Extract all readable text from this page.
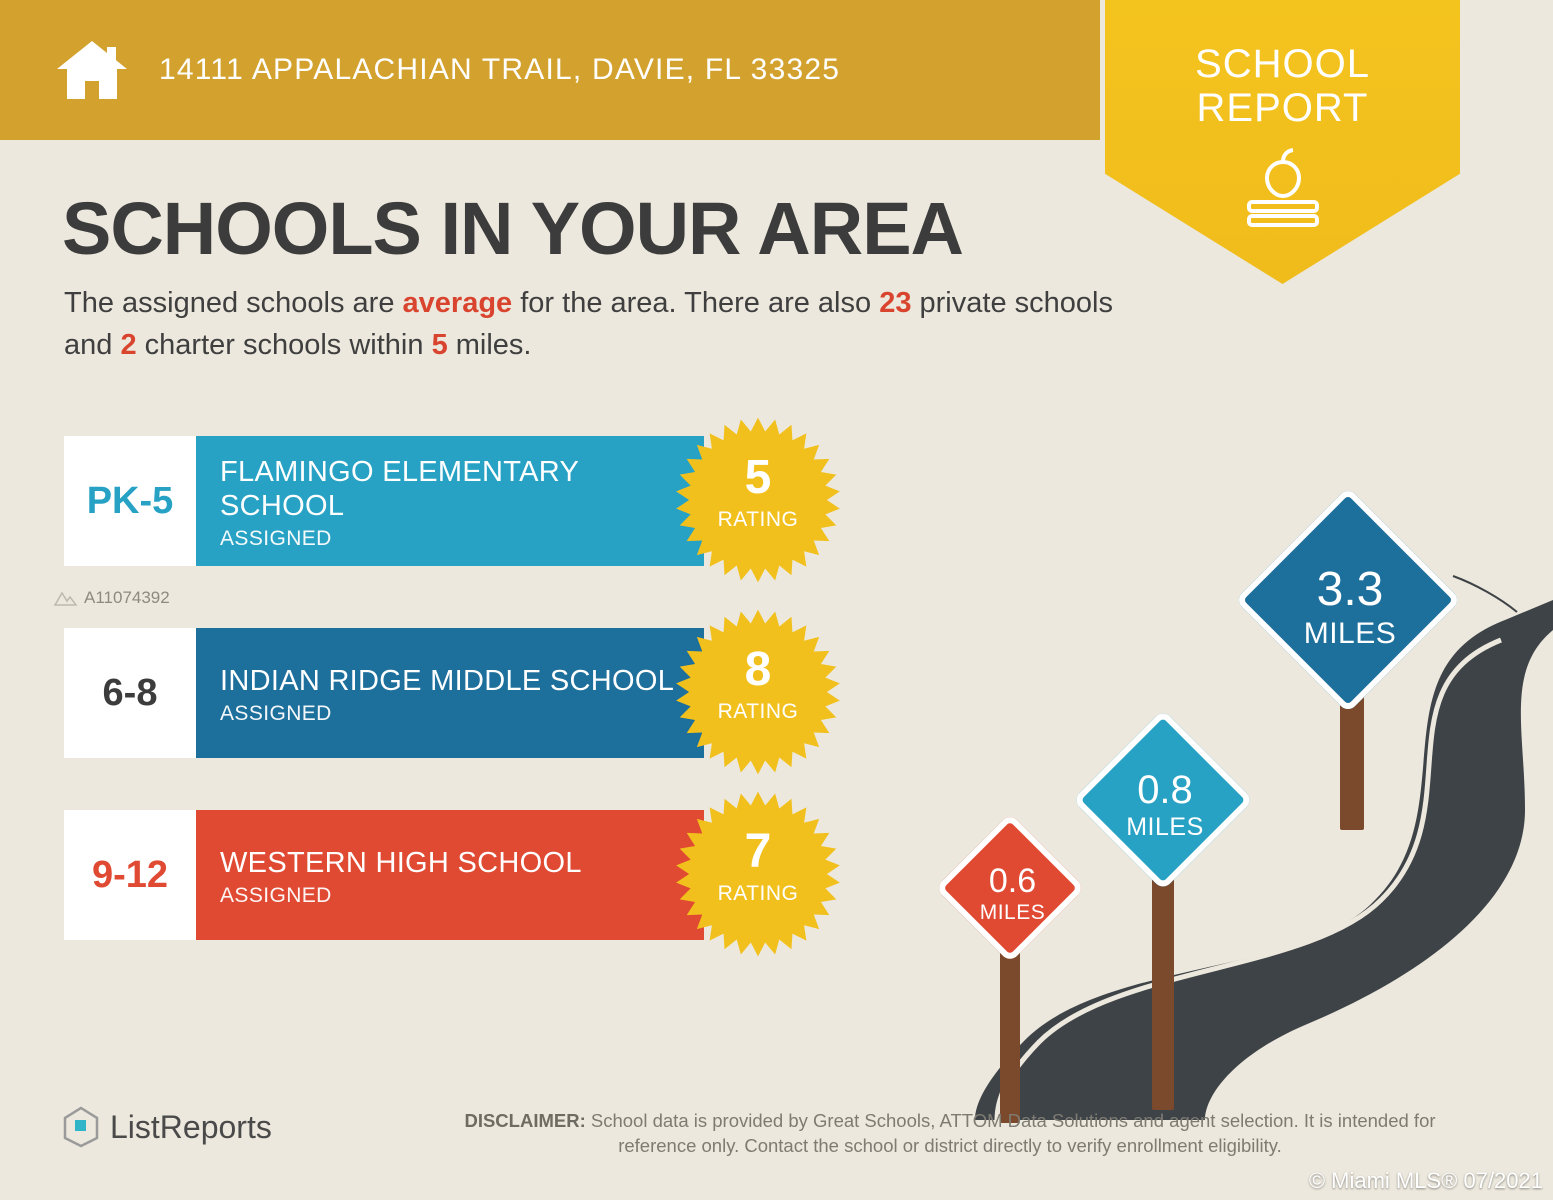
14111 APPALACHIAN TRAIL, DAVIE, FL 33325	SCHOOL
REPORT
SCHOOLS IN YOUR AREA

The assigned schools are average for the area. There are also 23 private schools and 2 charter schools within 5 miles.

PK-5
FLAMINGO ELEMENTARY SCHOOL
ASSIGNED
5
RATING
6-8	INDIAN RIDGE MIDDLE SCHOOL
ASSIGNED
8
RATING
9-12	WESTERN HIGH SCHOOL
ASSIGNED
7
RATING
A11074392	3.3
MILES
0.8
MILES
0.6
MILES
ListReports	DISCLAIMER: School data is provided by Great Schools, ATTOM Data Solutions and agent selection. It is intended for reference only. Contact the school or district directly to verify enrollment eligibility.
© Miami MLS® 07/2021
